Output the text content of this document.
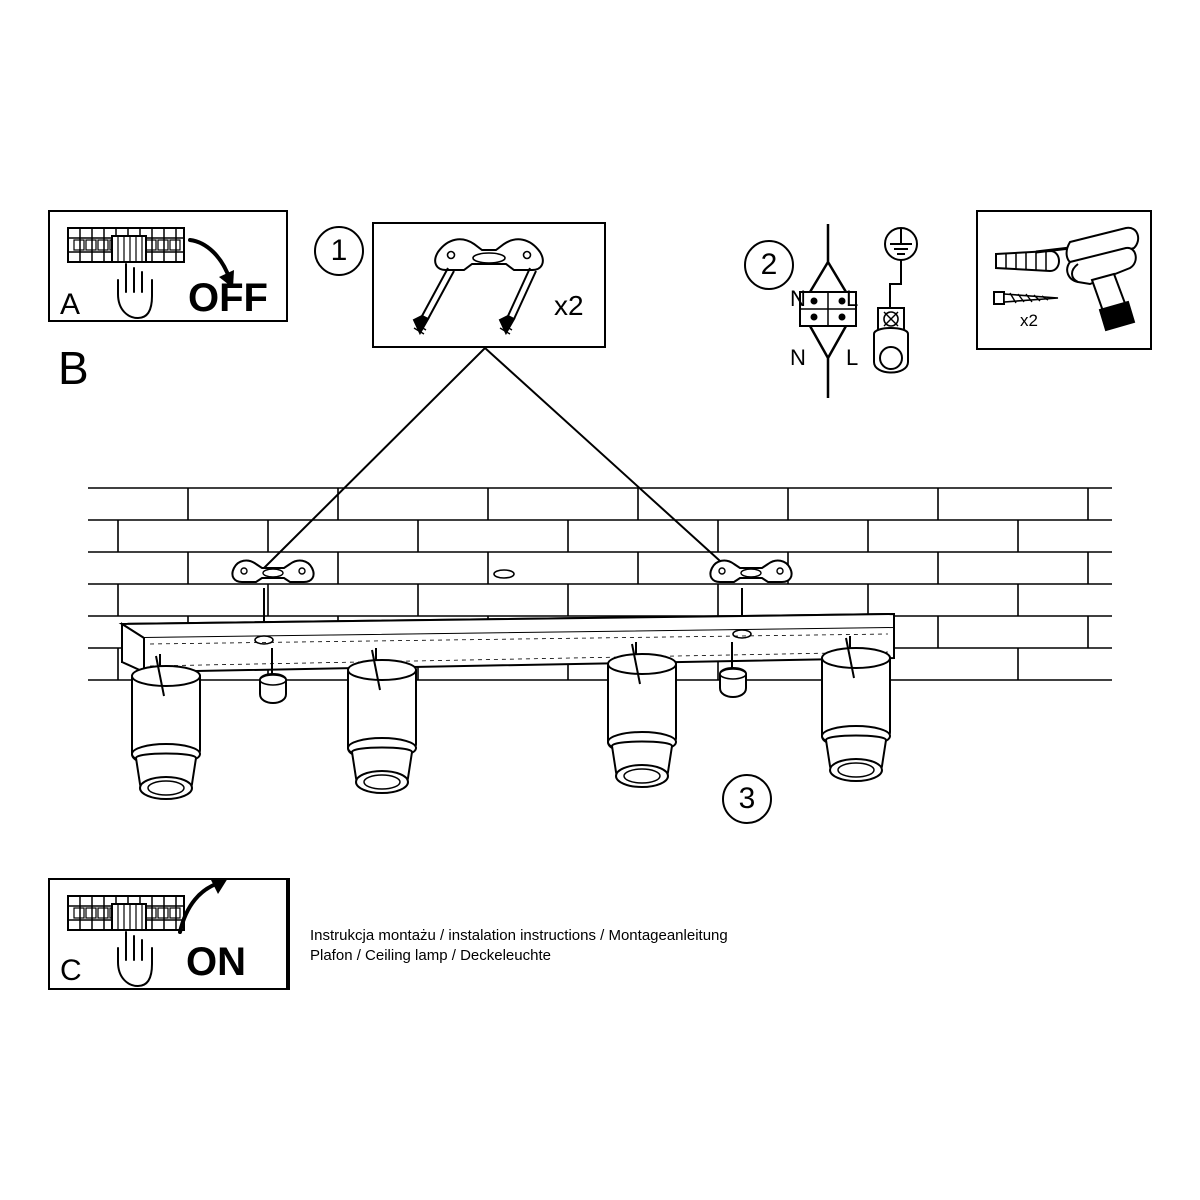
A	OFF
B
1
x2
2
N L
N L
x2
3
C	ON
Instrukcja montażu / instalation instructions / Montageanleitung
Plafon / Ceiling lamp / Deckeleuchte
